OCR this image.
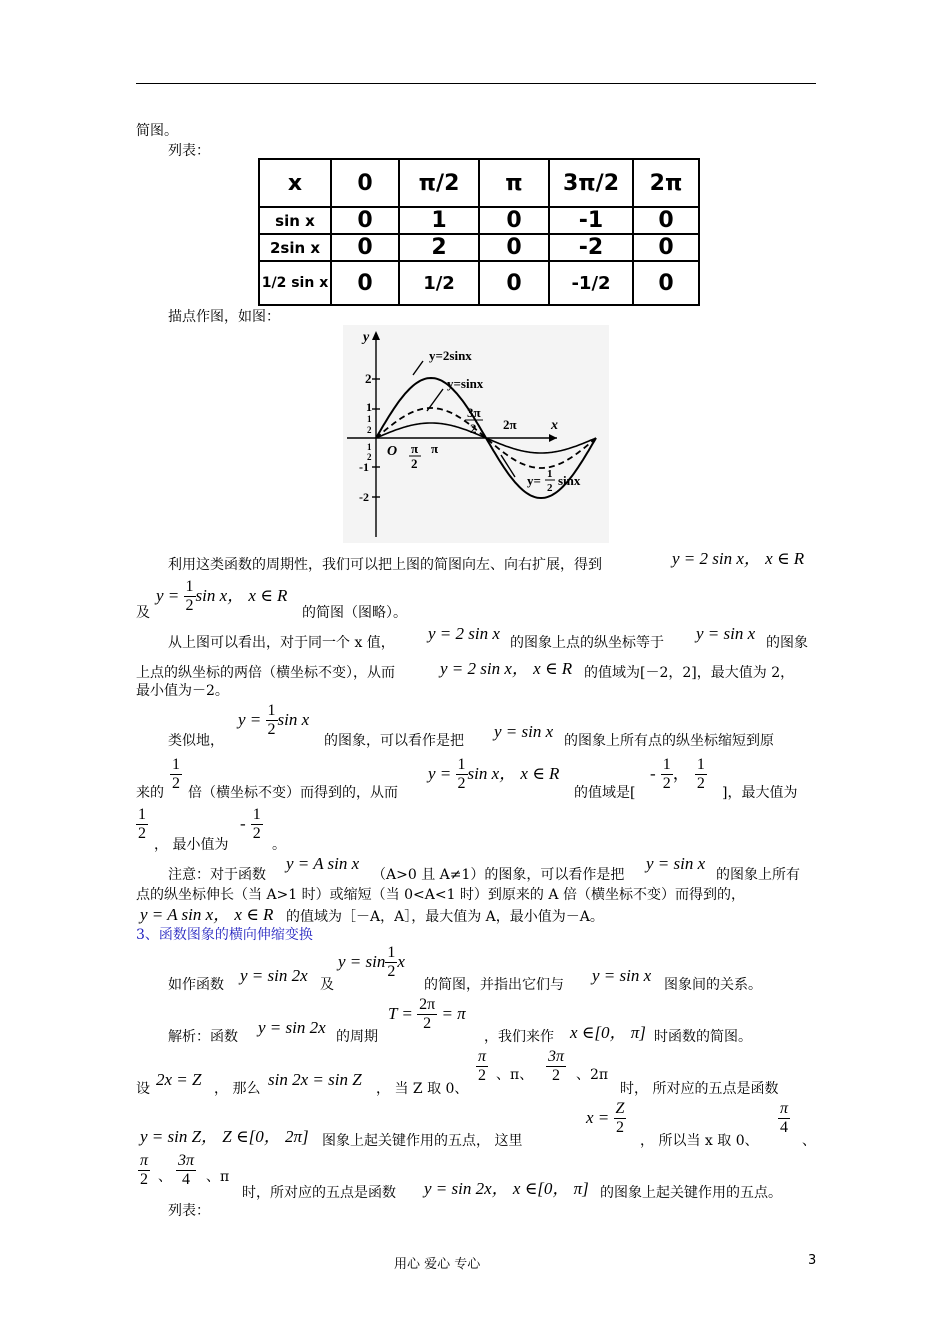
简图。
列表：
x	0	π/2	π	3π/2	2π
sin x	0	1	0	-1	0
2sin x	0	2	0	-2	0
1/2 sin x	0	1/2	0	-1/2	0
描点作图，如图：
y
x
y=2sinx
y=sinx
y= 1
2 sinx
O π
2
π
3π
2 2π
2
1
1
2
1
2
-1
-2
利用这类函数的周期性，我们可以把上图的简图向左、向右扩展，得到	y = 2 sin x， x ∈ R
及
$y = \frac{1}{2}$ sin x， x ∈ R
的简图（图略）。
从上图可以看出，对于同一个 x 值， y = 2 sin x 的图象上点的纵坐标等于 y = sin x 的图象
上点的纵坐标的两倍（横坐标不变），从而	y = 2 sin x， x ∈ R 的值域为[－2，2]，最大值为 2，
最小值为－2。
类似地，
$y = \frac{1}{2}$ sin x
的图象，可以看作是把 y = sin x 的图象上所有点的纵坐标缩短到原
来的 $\frac{1}{2}$ 倍（横坐标不变）而得到的，从而
$y = \frac{1}{2}$ sin x， x ∈ R
的值域是[
- $\frac{1}{2}$ ， $\frac{1}{2}$ ]，最大值为
$\frac{1}{2}$
， 最小值为
- $\frac{1}{2}$
。
注意：对于函数
y = A sin x
（A>0 且 A≠1）的图象，可以看作是把
y = sin x
的图象上所有
点的纵坐标伸长（当 A>1 时）或缩短（当 0<A<1 时）到原来的 A 倍（横坐标不变）而得到的，
y = A sin x， x ∈ R 的值域为［－A，A］，最大值为 A，最小值为－A。
3、函数图象的横向伸缩变换
如作函数 y = sin 2x 及
$y = \sin \frac{1}{2}$ x
的简图，并指出它们与 y = sin x 图象间的关系。
解析：函数 y = sin 2x 的周期
$T = \frac{2\pi}{2} = \pi$
，我们来作 x ∈[0， π] 时函数的简图。
设 2x = Z ， 那么 sin 2x = sin Z ， 当 Z 取 0、
$\frac{\pi}{2}$ 、π、 $\frac{3\pi}{2}$ 、2π
时， 所对应的五点是函数
y = sin Z， Z ∈[0， 2π] 图象上起关键作用的五点， 这里
$x = \frac{Z}{2}$
， 所以当 x 取 0、
$\frac{\pi}{4}$
、
$\frac{\pi}{2}$ 、 $\frac{3\pi}{4}$ 、π
时，所对应的五点是函数 y = sin 2x， x ∈[0， π] 的图象上起关键作用的五点。
列表：
用心 爱心 专心	3
